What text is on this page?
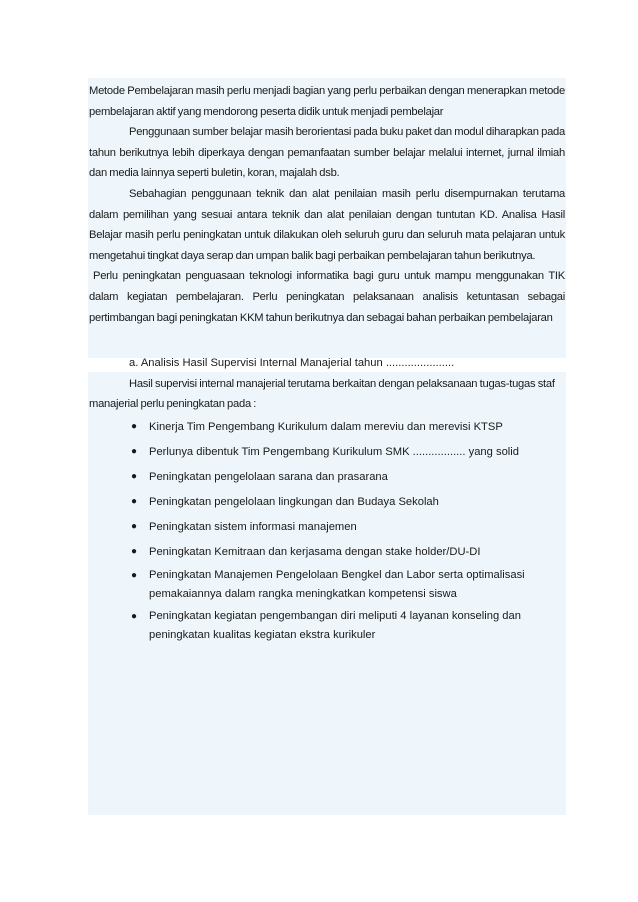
Metode Pembelajaran masih perlu menjadi bagian yang perlu perbaikan dengan menerapkan metode pembelajaran aktif yang mendorong peserta didik untuk menjadi pembelajar

Penggunaan sumber belajar masih berorientasi pada buku paket dan modul diharapkan pada tahun berikutnya lebih diperkaya dengan pemanfaatan sumber belajar melalui internet, jurnal ilmiah dan media lainnya seperti buletin, koran, majalah dsb.

Sebahagian penggunaan teknik dan alat penilaian masih perlu disempurnakan terutama dalam pemilihan yang sesuai antara teknik dan alat penilaian dengan tuntutan KD. Analisa Hasil Belajar masih perlu peningkatan untuk dilakukan oleh seluruh guru dan seluruh mata pelajaran untuk mengetahui tingkat daya serap dan umpan balik bagi perbaikan pembelajaran tahun berikutnya.

Perlu peningkatan penguasaan teknologi informatika bagi guru untuk mampu menggunakan TIK dalam kegiatan pembelajaran. Perlu peningkatan pelaksanaan analisis ketuntasan sebagai pertimbangan bagi peningkatan KKM tahun berikutnya dan sebagai bahan perbaikan pembelajaran

a. Analisis Hasil Supervisi Internal Manajerial tahun ......................

Hasil supervisi internal manajerial terutama berkaitan dengan pelaksanaan tugas-tugas staf manajerial perlu peningkatan pada :

● Kinerja Tim Pengembang Kurikulum dalam mereviu dan merevisi KTSP
● Perlunya dibentuk Tim Pengembang Kurikulum SMK ................. yang solid
● Peningkatan pengelolaan sarana dan prasarana
● Peningkatan pengelolaan lingkungan dan Budaya Sekolah
● Peningkatan sistem informasi manajemen
● Peningkatan Kemitraan dan kerjasama dengan stake holder/DU-DI
● Peningkatan Manajemen Pengelolaan Bengkel dan Labor serta optimalisasi pemakaiannya dalam rangka meningkatkan kompetensi siswa
● Peningkatan kegiatan pengembangan diri meliputi 4 layanan konseling dan peningkatan kualitas kegiatan ekstra kurikuler
